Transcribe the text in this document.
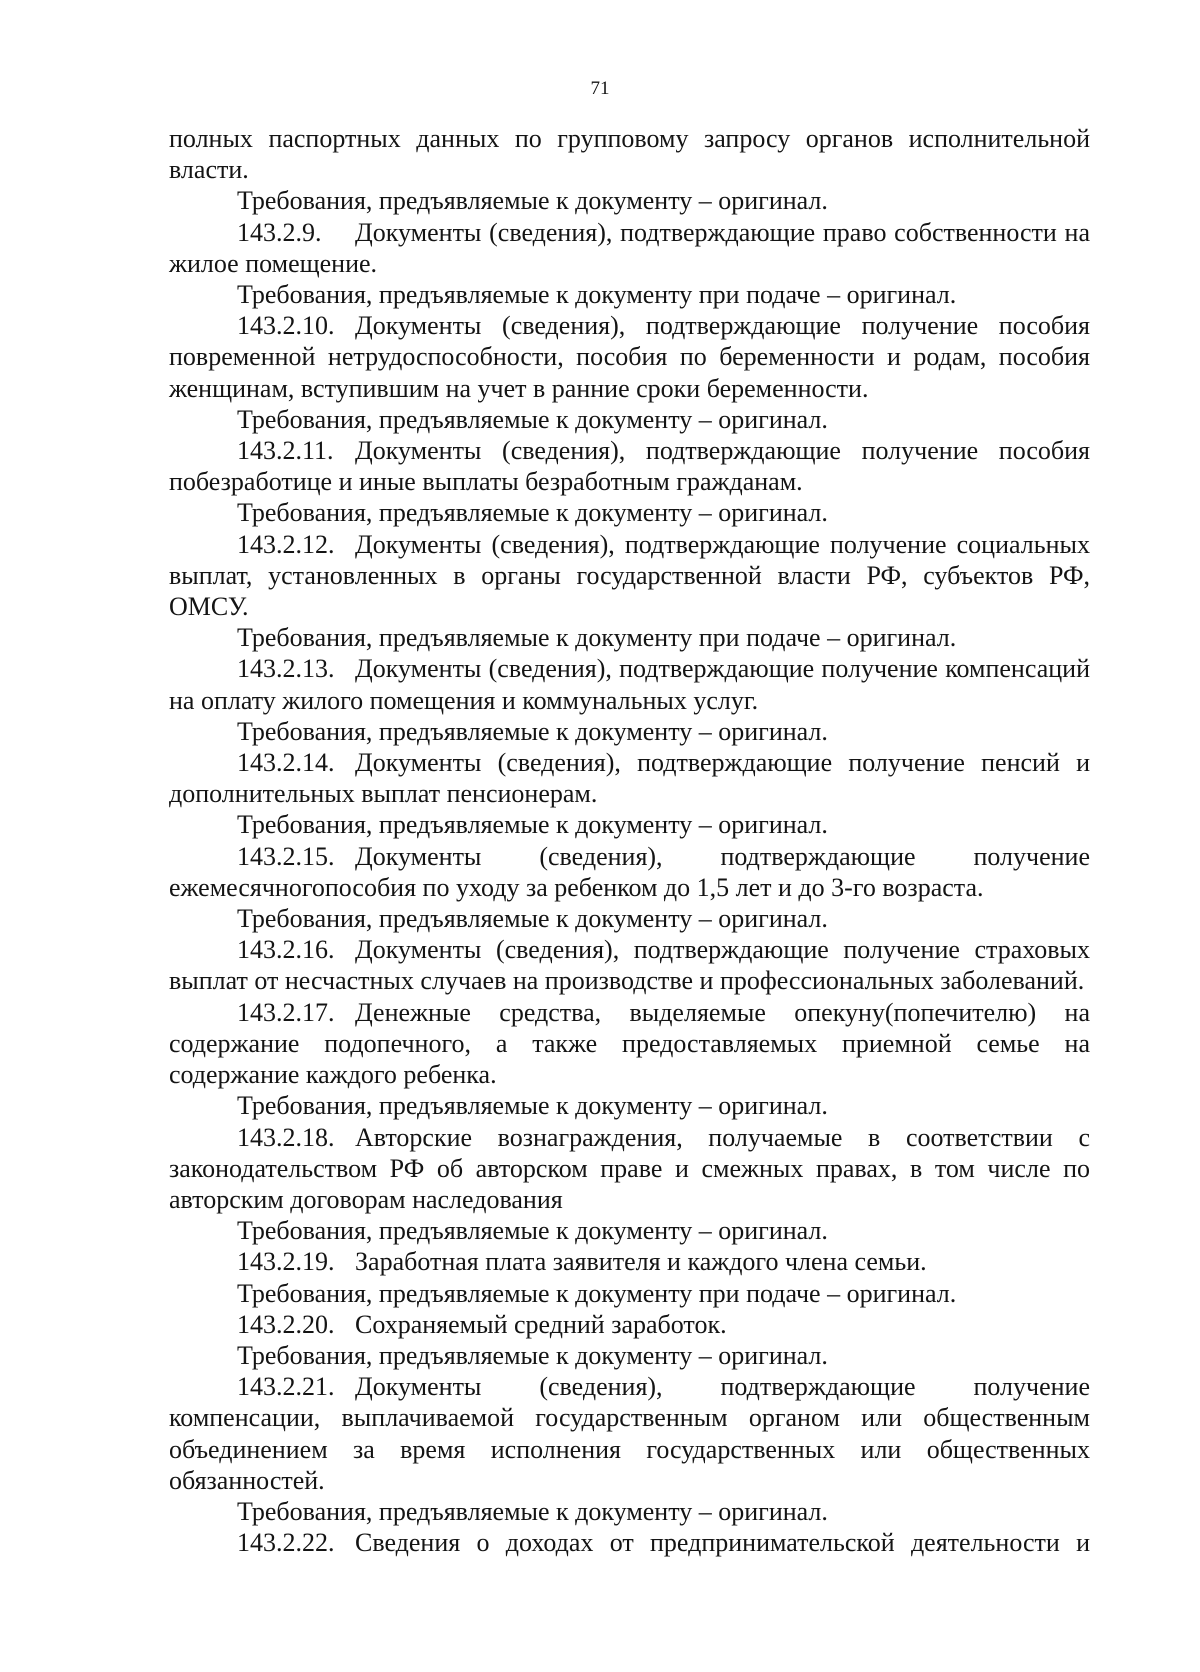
71

полных паспортных данных по групповому запросу органов исполнительной власти.

Требования, предъявляемые к документу – оригинал.

143.2.9. Документы (сведения), подтверждающие право собственности на жилое помещение.

Требования, предъявляемые к документу при подаче – оригинал.

143.2.10. Документы (сведения), подтверждающие получение пособия повременной нетрудоспособности, пособия по беременности и родам, пособия женщинам, вступившим на учет в ранние сроки беременности.

Требования, предъявляемые к документу – оригинал.

143.2.11. Документы (сведения), подтверждающие получение пособия побезработице и иные выплаты безработным гражданам.

Требования, предъявляемые к документу – оригинал.

143.2.12. Документы (сведения), подтверждающие получение социальных выплат, установленных в органы государственной власти РФ, субъектов РФ, ОМСУ.

Требования, предъявляемые к документу при подаче – оригинал.

143.2.13. Документы (сведения), подтверждающие получение компенсаций на оплату жилого помещения и коммунальных услуг.

Требования, предъявляемые к документу – оригинал.

143.2.14. Документы (сведения), подтверждающие получение пенсий и дополнительных выплат пенсионерам.

Требования, предъявляемые к документу – оригинал.

143.2.15. Документы (сведения), подтверждающие получение ежемесячногопособия по уходу за ребенком до 1,5 лет и до 3-го возраста.

Требования, предъявляемые к документу – оригинал.

143.2.16. Документы (сведения), подтверждающие получение страховых выплат от несчастных случаев на производстве и профессиональных заболеваний.

143.2.17. Денежные средства, выделяемые опекуну(попечителю) на содержание подопечного, а также предоставляемых приемной семье на содержание каждого ребенка.

Требования, предъявляемые к документу – оригинал.

143.2.18. Авторские вознаграждения, получаемые в соответствии с законодательством РФ об авторском праве и смежных правах, в том числе по авторским договорам наследования

Требования, предъявляемые к документу – оригинал.

143.2.19. Заработная плата заявителя и каждого члена семьи.

Требования, предъявляемые к документу при подаче – оригинал.

143.2.20. Сохраняемый средний заработок.

Требования, предъявляемые к документу – оригинал.

143.2.21. Документы (сведения), подтверждающие получение компенсации, выплачиваемой государственным органом или общественным объединением за время исполнения государственных или общественных обязанностей.

Требования, предъявляемые к документу – оригинал.

143.2.22. Сведения о доходах от предпринимательской деятельности и
